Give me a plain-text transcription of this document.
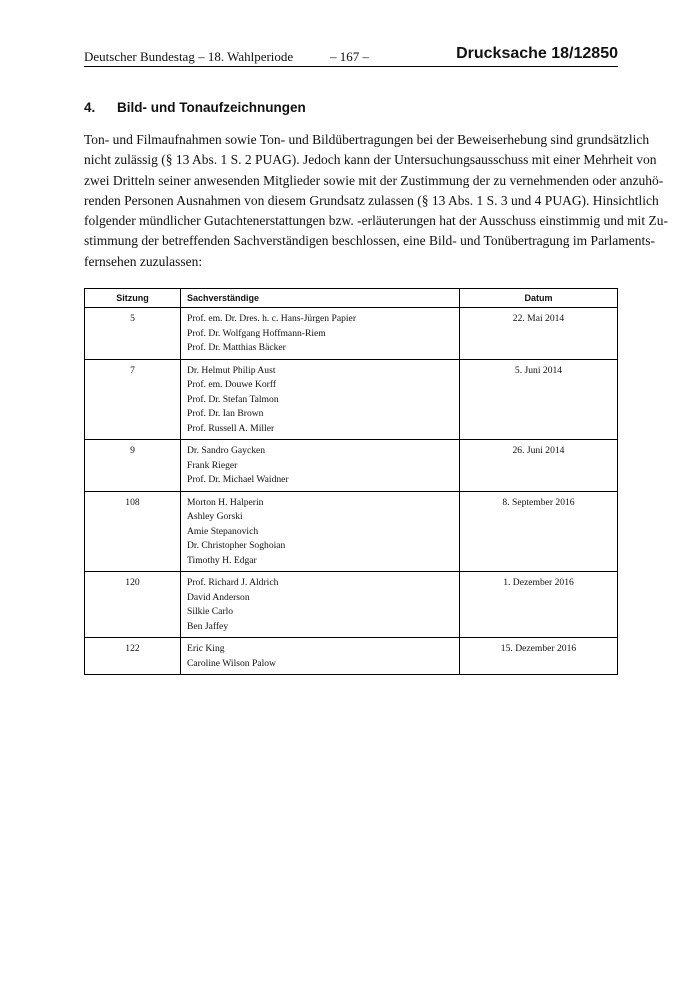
Deutscher Bundestag – 18. Wahlperiode	– 167 –	Drucksache 18/12850
4. Bild- und Tonaufzeichnungen
Ton- und Filmaufnahmen sowie Ton- und Bildübertragungen bei der Beweiserhebung sind grundsätzlich
nicht zulässig (§ 13 Abs. 1 S. 2 PUAG). Jedoch kann der Untersuchungsausschuss mit einer Mehrheit von
zwei Dritteln seiner anwesenden Mitglieder sowie mit der Zustimmung der zu vernehmenden oder anzuhö-
renden Personen Ausnahmen von diesem Grundsatz zulassen (§ 13 Abs. 1 S. 3 und 4 PUAG). Hinsichtlich
folgender mündlicher Gutachtenerstattungen bzw. -erläuterungen hat der Ausschuss einstimmig und mit Zu-
stimmung der betreffenden Sachverständigen beschlossen, eine Bild- und Tonübertragung im Parlaments-
fernsehen zuzulassen:
Sitzung	Sachverständige	Datum

5	Prof. em. Dr. Dres. h. c. Hans-Jürgen Papier
Prof. Dr. Wolfgang Hoffmann-Riem
Prof. Dr. Matthias Bäcker	22. Mai 2014

7	Dr. Helmut Philip Aust
Prof. em. Douwe Korff
Prof. Dr. Stefan Talmon
Prof. Dr. Ian Brown
Prof. Russell A. Miller	5. Juni 2014

9	Dr. Sandro Gaycken
Frank Rieger
Prof. Dr. Michael Waidner	26. Juni 2014

108	Morton H. Halperin
Ashley Gorski
Amie Stepanovich
Dr. Christopher Soghoian
Timothy H. Edgar	8. September 2016

120	Prof. Richard J. Aldrich
David Anderson
Silkie Carlo
Ben Jaffey	1. Dezember 2016

122	Eric King
Caroline Wilson Palow	15. Dezember 2016
